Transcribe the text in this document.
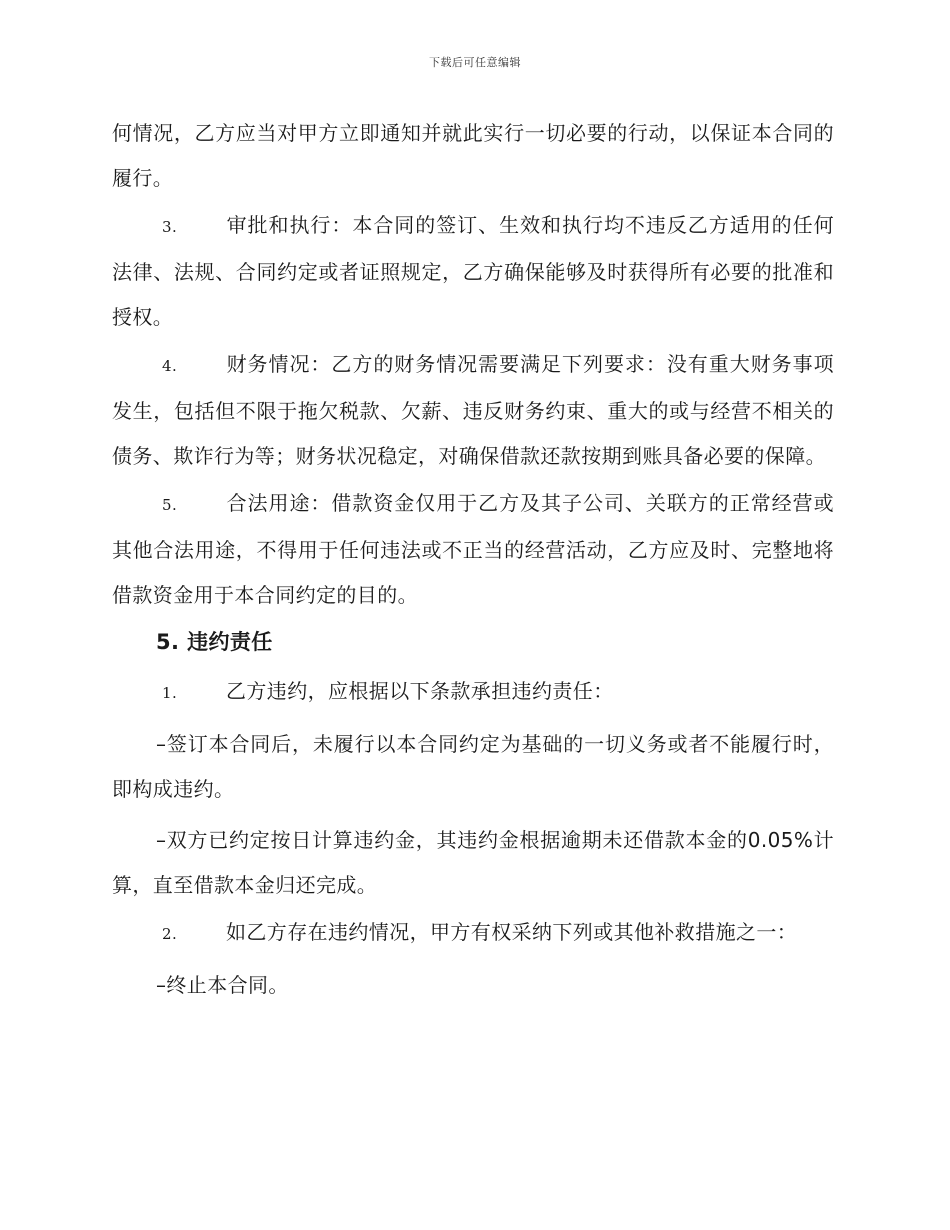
下载后可任意编辑

何情况，乙方应当对甲方立即通知并就此实行一切必要的行动，以保证本合同的履行。

3. 审批和执行：本合同的签订、生效和执行均不违反乙方适用的任何法律、法规、合同约定或者证照规定，乙方确保能够及时获得所有必要的批准和授权。

4. 财务情况：乙方的财务情况需要满足下列要求：没有重大财务事项发生，包括但不限于拖欠税款、欠薪、违反财务约束、重大的或与经营不相关的债务、欺诈行为等；财务状况稳定，对确保借款还款按期到账具备必要的保障。

5. 合法用途：借款资金仅用于乙方及其子公司、关联方的正常经营或其他合法用途，不得用于任何违法或不正当的经营活动，乙方应及时、完整地将借款资金用于本合同约定的目的。

5. 违约责任

1. 乙方违约，应根据以下条款承担违约责任：

–签订本合同后，未履行以本合同约定为基础的一切义务或者不能履行时，即构成违约。

–双方已约定按日计算违约金，其违约金根据逾期未还借款本金的0.05%计算，直至借款本金归还完成。

2. 如乙方存在违约情况，甲方有权采纳下列或其他补救措施之一：

–终止本合同。
